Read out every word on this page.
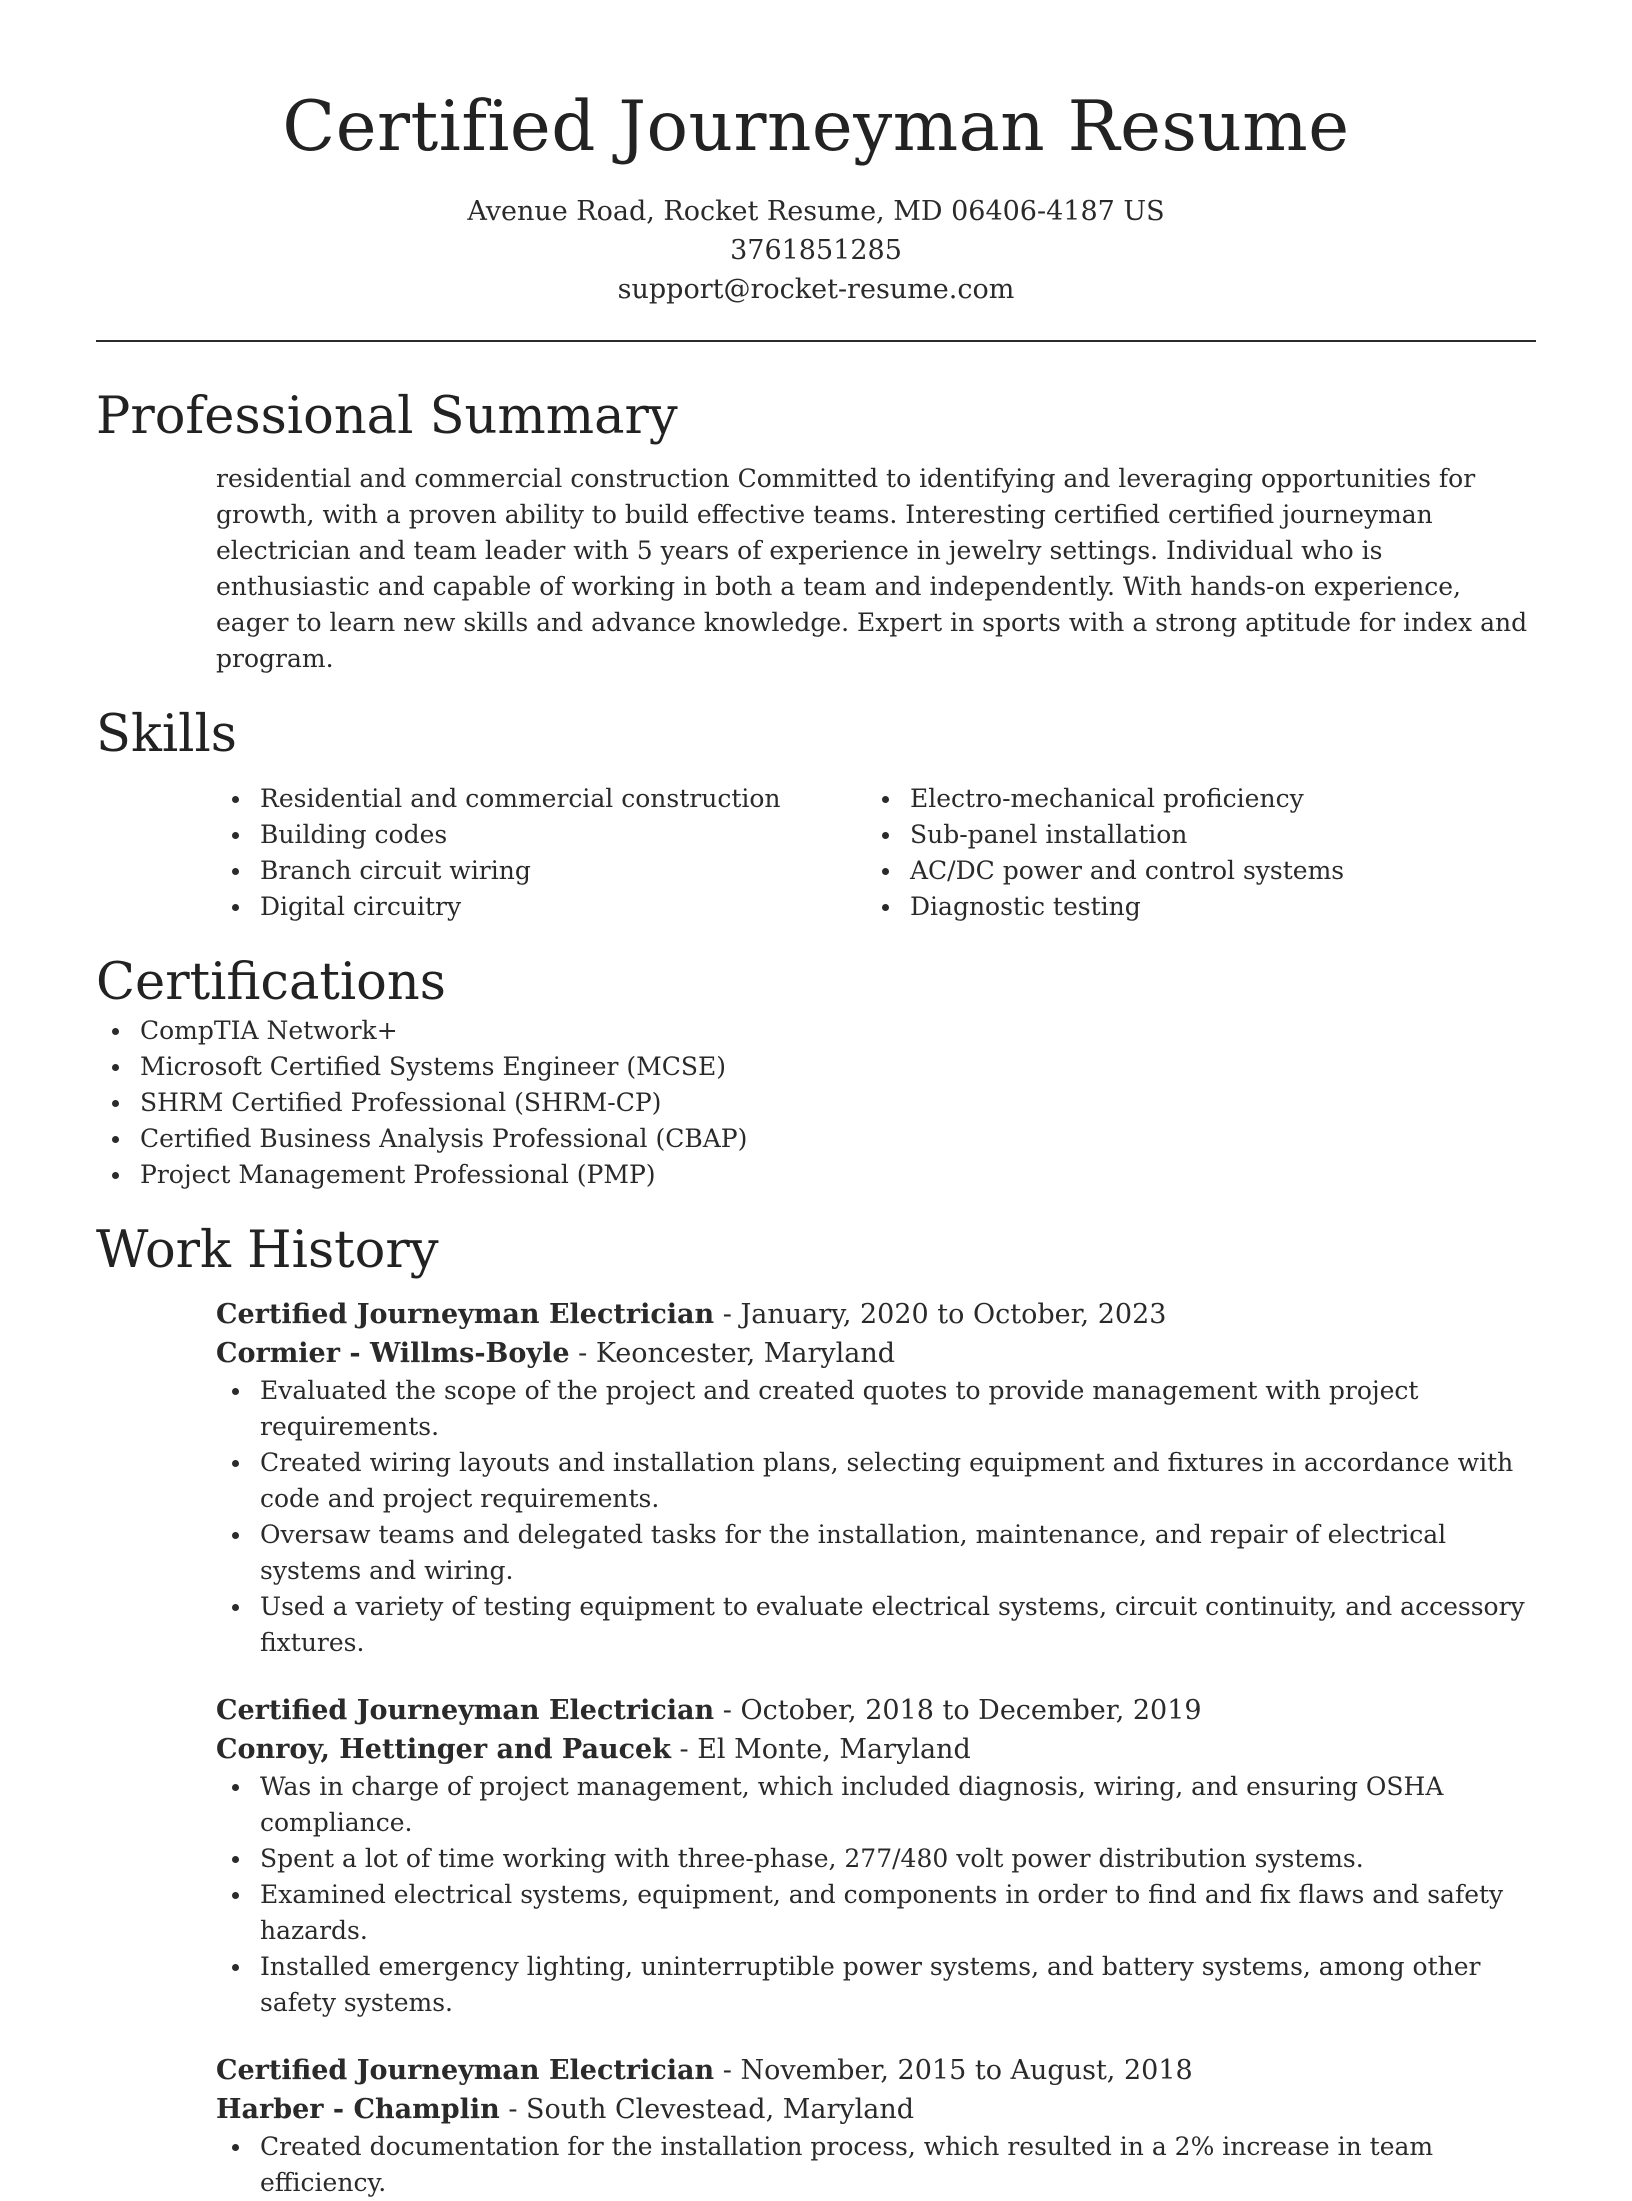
Certified Journeyman Resume
Avenue Road, Rocket Resume, MD 06406-4187 US
3761851285
support@rocket-resume.com
Professional Summary

residential and commercial construction Committed to identifying and leveraging opportunities for growth, with a proven ability to build effective teams. Interesting certified certified journeyman electrician and team leader with 5 years of experience in jewelry settings. Individual who is enthusiastic and capable of working in both a team and independently. With hands-on experience, eager to learn new skills and advance knowledge. Expert in sports with a strong aptitude for index and program.

Skills
Residential and commercial construction
Building codes
Branch circuit wiring
Digital circuitry
Electro-mechanical proficiency
Sub-panel installation
AC/DC power and control systems
Diagnostic testing
Certifications
CompTIA Network+
Microsoft Certified Systems Engineer (MCSE)
SHRM Certified Professional (SHRM-CP)
Certified Business Analysis Professional (CBAP)
Project Management Professional (PMP)
Work History
Certified Journeyman Electrician - January, 2020 to October, 2023
Cormier - Willms-Boyle - Keoncester, Maryland
Evaluated the scope of the project and created quotes to provide management with project requirements.
Created wiring layouts and installation plans, selecting equipment and fixtures in accordance with code and project requirements.
Oversaw teams and delegated tasks for the installation, maintenance, and repair of electrical systems and wiring.
Used a variety of testing equipment to evaluate electrical systems, circuit continuity, and accessory fixtures.
Certified Journeyman Electrician - October, 2018 to December, 2019
Conroy, Hettinger and Paucek - El Monte, Maryland
Was in charge of project management, which included diagnosis, wiring, and ensuring OSHA compliance.
Spent a lot of time working with three-phase, 277/480 volt power distribution systems.
Examined electrical systems, equipment, and components in order to find and fix flaws and safety hazards.
Installed emergency lighting, uninterruptible power systems, and battery systems, among other safety systems.
Certified Journeyman Electrician - November, 2015 to August, 2018
Harber - Champlin - South Clevestead, Maryland
Created documentation for the installation process, which resulted in a 2% increase in team efficiency.
